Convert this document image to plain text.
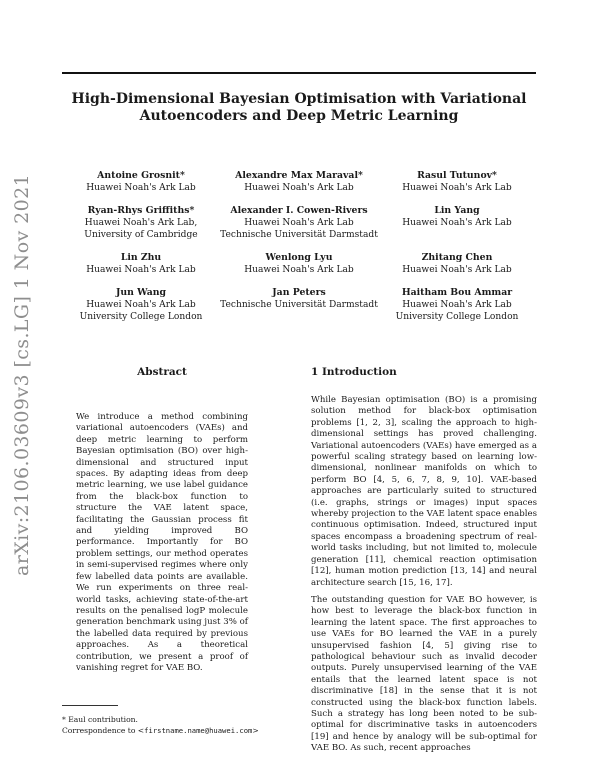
High-Dimensional Bayesian Optimisation with Variational
Autoencoders and Deep Metric Learning
arXiv:2106.03609v3 [cs.LG] 1 Nov 2021	Antoine Grosnit*
Huawei Noah's Ark Lab
Alexandre Max Maraval*
Huawei Noah's Ark Lab
Rasul Tutunov*
Huawei Noah's Ark Lab
Ryan-Rhys Griffiths*
Huawei Noah's Ark Lab,
University of Cambridge
Alexander I. Cowen-Rivers
Huawei Noah's Ark Lab
Technische Universität Darmstadt
Lin Yang
Huawei Noah's Ark Lab
Lin Zhu
Huawei Noah's Ark Lab
Wenlong Lyu
Huawei Noah's Ark Lab
Zhitang Chen
Huawei Noah's Ark Lab
Jun Wang
Huawei Noah's Ark Lab
University College London
Jan Peters
Technische Universität Darmstadt
Haitham Bou Ammar
Huawei Noah's Ark Lab
University College London
Abstract
We introduce a method combining variational autoencoders (VAEs) and deep metric learning to perform Bayesian optimisation (BO) over high-dimensional and structured input spaces. By adapting ideas from deep metric learning, we use label guidance from the black-box function to structure the VAE latent space, facilitating the Gaussian process fit and yielding improved BO performance. Importantly for BO problem settings, our method operates in semi-supervised regimes where only few labelled data points are available. We run experiments on three real-world tasks, achieving state-of-the-art results on the penalised logP molecule generation benchmark using just 3% of the labelled data required by previous approaches. As a theoretical contribution, we present a proof of vanishing regret for VAE BO.
1 Introduction

While Bayesian optimisation (BO) is a promising solution method for black-box optimisation problems [1, 2, 3], scaling the approach to high-dimensional settings has proved challenging. Variational autoencoders (VAEs) have emerged as a powerful scaling strategy based on learning low-dimensional, nonlinear manifolds on which to perform BO [4, 5, 6, 7, 8, 9, 10]. VAE-based approaches are particularly suited to structured (i.e. graphs, strings or images) input spaces whereby projection to the VAE latent space enables continuous optimisation. Indeed, structured input spaces encompass a broadening spectrum of real-world tasks including, but not limited to, molecule generation [11], chemical reaction optimisation [12], human motion prediction [13, 14] and neural architecture search [15, 16, 17].

The outstanding question for VAE BO however, is how best to leverage the black-box function in learning the latent space. The first approaches to use VAEs for BO learned the VAE in a purely unsupervised fashion [4, 5] giving rise to pathological behaviour such as invalid decoder outputs. Purely unsupervised learning of the VAE entails that the learned latent space is not discriminative [18] in the sense that it is not constructed using the black-box function labels. Such a strategy has long been noted to be sub-optimal for discriminative tasks in autoencoders [19] and hence by analogy will be sub-optimal for VAE BO. As such, recent approaches

* Eaul contribution.
Correspondence to <firstname.name@huawei.com>
